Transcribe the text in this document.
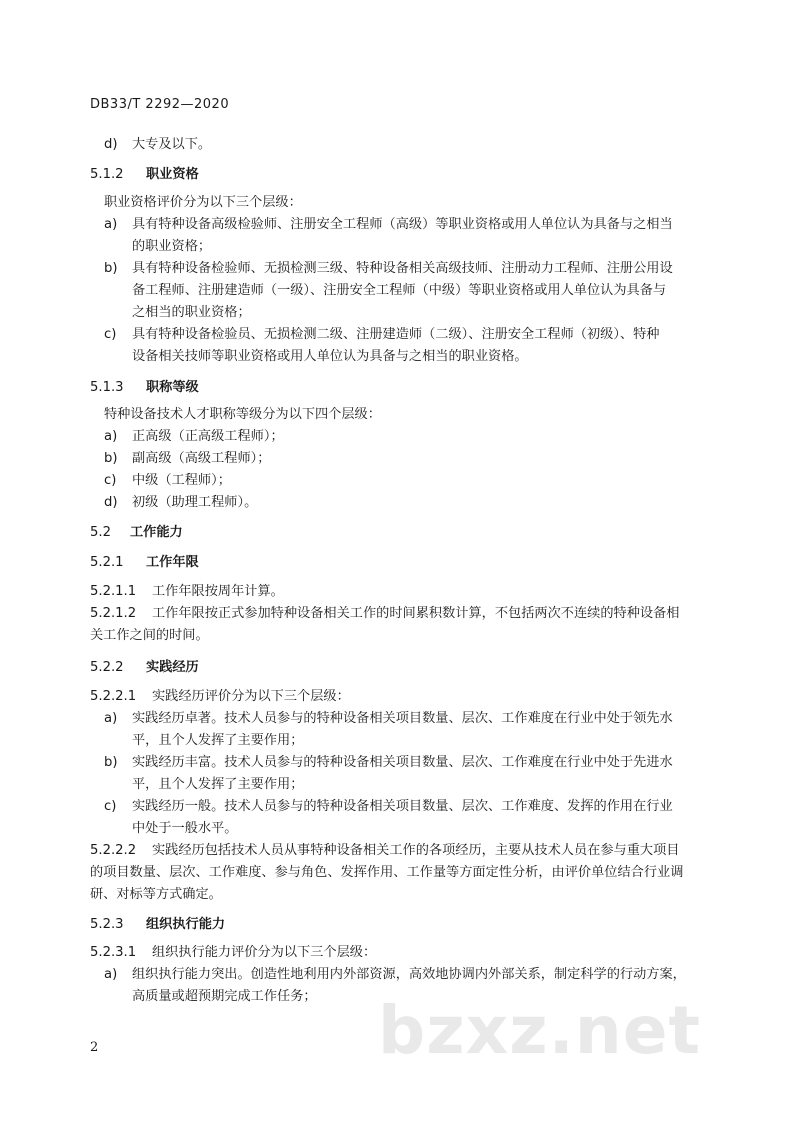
DB33/T 2292—2020
d) 大专及以下。
5.1.2 职业资格
职业资格评价分为以下三个层级：
a) 具有特种设备高级检验师、注册安全工程师（高级）等职业资格或用人单位认为具备与之相当
的职业资格；
b) 具有特种设备检验师、无损检测三级、特种设备相关高级技师、注册动力工程师、注册公用设
备工程师、注册建造师（一级）、注册安全工程师（中级）等职业资格或用人单位认为具备与
之相当的职业资格；
c) 具有特种设备检验员、无损检测二级、注册建造师（二级）、注册安全工程师（初级）、特种
设备相关技师等职业资格或用人单位认为具备与之相当的职业资格。
5.1.3 职称等级
特种设备技术人才职称等级分为以下四个层级：
a) 正高级（正高级工程师）；
b) 副高级（高级工程师）；
c) 中级（工程师）；
d) 初级（助理工程师）。
5.2 工作能力
5.2.1 工作年限
5.2.1.1 工作年限按周年计算。
5.2.1.2 工作年限按正式参加特种设备相关工作的时间累积数计算，不包括两次不连续的特种设备相
关工作之间的时间。
5.2.2 实践经历
5.2.2.1 实践经历评价分为以下三个层级：
a) 实践经历卓著。技术人员参与的特种设备相关项目数量、层次、工作难度在行业中处于领先水
平，且个人发挥了主要作用；
b) 实践经历丰富。技术人员参与的特种设备相关项目数量、层次、工作难度在行业中处于先进水
平，且个人发挥了主要作用；
c) 实践经历一般。技术人员参与的特种设备相关项目数量、层次、工作难度、发挥的作用在行业
中处于一般水平。
5.2.2.2 实践经历包括技术人员从事特种设备相关工作的各项经历，主要从技术人员在参与重大项目
的项目数量、层次、工作难度、参与角色、发挥作用、工作量等方面定性分析，由评价单位结合行业调
研、对标等方式确定。
5.2.3 组织执行能力
5.2.3.1 组织执行能力评价分为以下三个层级：
a) 组织执行能力突出。创造性地利用内外部资源，高效地协调内外部关系，制定科学的行动方案，
高质量或超预期完成工作任务； bzxz.net
2
